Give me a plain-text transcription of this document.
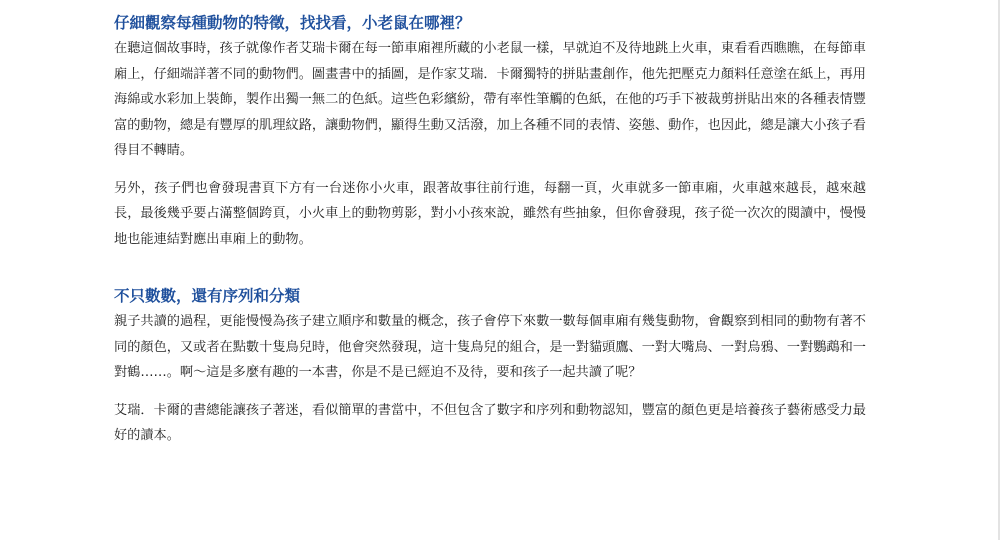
仔細觀察每種動物的特徵，找找看，小老鼠在哪裡？

在聽這個故事時，孩子就像作者艾瑞卡爾在每一節車廂裡所藏的小老鼠一樣，早就迫不及待地跳上火車，東看看西瞧瞧，在每節車廂上，仔細端詳著不同的動物們。圖畫書中的插圖，是作家艾瑞．卡爾獨特的拼貼畫創作，他先把壓克力顏料任意塗在紙上，再用海綿或水彩加上裝飾，製作出獨一無二的色紙。這些色彩繽紛，帶有率性筆觸的色紙，在他的巧手下被裁剪拼貼出來的各種表情豐富的動物，總是有豐厚的肌理紋路，讓動物們，顯得生動又活潑，加上各種不同的表情、姿態、動作，也因此，總是讓大小孩子看得目不轉睛。

另外，孩子們也會發現書頁下方有一台迷你小火車，跟著故事往前行進，每翻一頁，火車就多一節車廂，火車越來越長，越來越長，最後幾乎要占滿整個跨頁，小火車上的動物剪影，對小小孩來說，雖然有些抽象，但你會發現，孩子從一次次的閱讀中，慢慢地也能連結對應出車廂上的動物。

不只數數，還有序列和分類

親子共讀的過程，更能慢慢為孩子建立順序和數量的概念，孩子會停下來數一數每個車廂有幾隻動物，會觀察到相同的動物有著不同的顏色，又或者在點數十隻鳥兒時，他會突然發現，這十隻鳥兒的組合，是一對貓頭鷹、一對大嘴鳥、一對烏鴉、一對鸚鵡和一對鶴……。啊～這是多麼有趣的一本書，你是不是已經迫不及待，要和孩子一起共讀了呢？

艾瑞．卡爾的書總能讓孩子著迷，看似簡單的書當中，不但包含了數字和序列和動物認知，豐富的顏色更是培養孩子藝術感受力最好的讀本。
